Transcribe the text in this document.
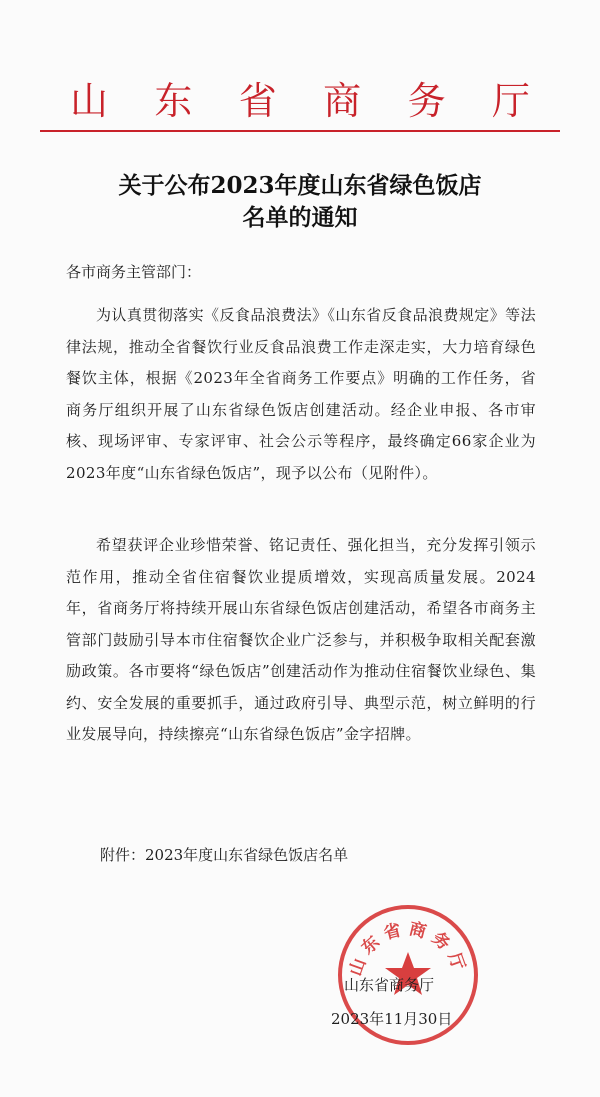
山 东 省 商 务 厅
关于公布2023年度山东省绿色饭店
名单的通知
各市商务主管部门：
为认真贯彻落实《反食品浪费法》《山东省反食品浪费规定》等法律法规，推动全省餐饮行业反食品浪费工作走深走实，大力培育绿色餐饮主体，根据《2023年全省商务工作要点》明确的工作任务，省商务厅组织开展了山东省绿色饭店创建活动。经企业申报、各市审核、现场评审、专家评审、社会公示等程序，最终确定66家企业为2023年度“山东省绿色饭店”，现予以公布（见附件）。
希望获评企业珍惜荣誉、铭记责任、强化担当，充分发挥引领示范作用，推动全省住宿餐饮业提质增效，实现高质量发展。2024年，省商务厅将持续开展山东省绿色饭店创建活动，希望各市商务主管部门鼓励引导本市住宿餐饮企业广泛参与，并积极争取相关配套激励政策。各市要将“绿色饭店”创建活动作为推动住宿餐饮业绿色、集约、安全发展的重要抓手，通过政府引导、典型示范，树立鲜明的行业发展导向，持续擦亮“山东省绿色饭店”金字招牌。
附件：2023年度山东省绿色饭店名单
山东省商务厅
山东省商务厅
2023年11月30日
